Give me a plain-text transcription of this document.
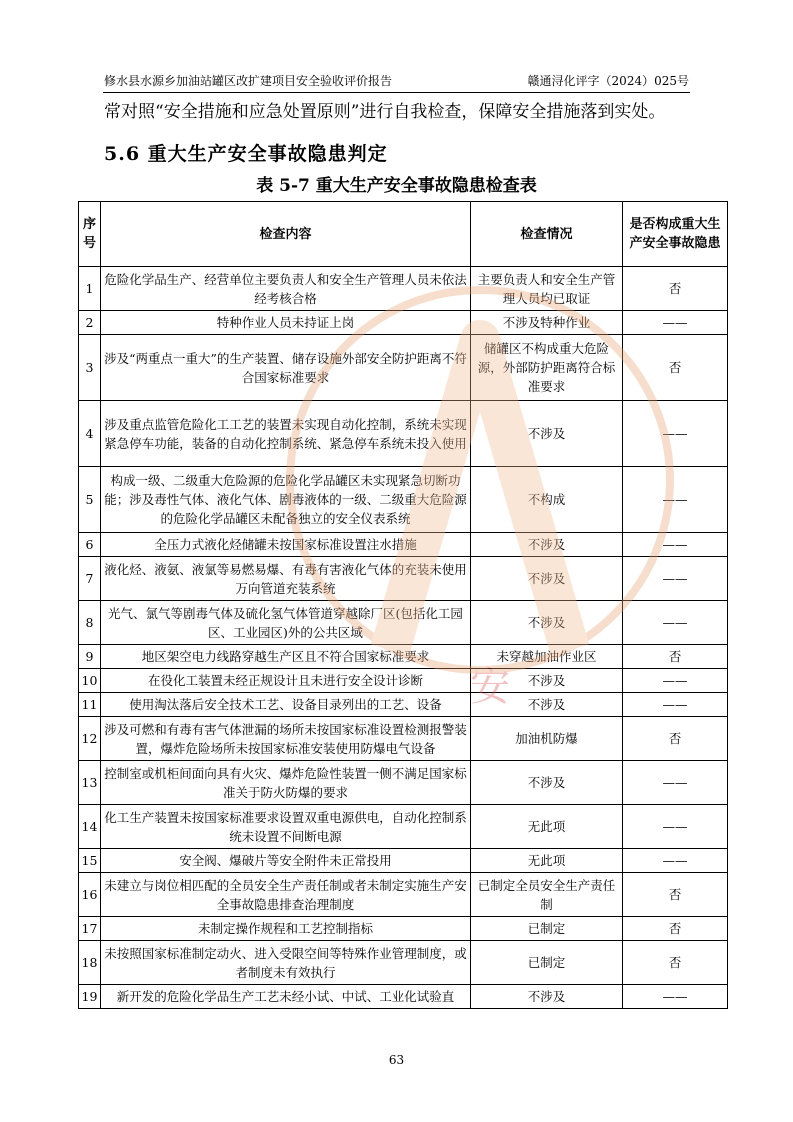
修水县水源乡加油站罐区改扩建项目安全验收评价报告	赣通浔化评字（2024）025号
常对照“安全措施和应急处置原则”进行自我检查，保障安全措施落到实处。
5.6 重大生产安全事故隐患判定
表 5-7 重大生产安全事故隐患检查表
序号	检查内容	检查情况	是否构成重大生产安全事故隐患
1	危险化学品生产、经营单位主要负责人和安全生产管理人员未依法经考核合格	主要负责人和安全生产管理人员均已取证	否
2	特种作业人员未持证上岗	不涉及特种作业	——
3	涉及“两重点一重大”的生产装置、储存设施外部安全防护距离不符合国家标准要求	储罐区不构成重大危险源，外部防护距离符合标准要求	否
4	涉及重点监管危险化工工艺的装置未实现自动化控制，系统未实现紧急停车功能，装备的自动化控制系统、紧急停车系统未投入使用	不涉及	——
5	构成一级、二级重大危险源的危险化学品罐区未实现紧急切断功能；涉及毒性气体、液化气体、剧毒液体的一级、二级重大危险源的危险化学品罐区未配备独立的安全仪表系统	不构成	——
6	全压力式液化烃储罐未按国家标准设置注水措施	不涉及	——
7	液化烃、液氨、液氯等易燃易爆、有毒有害液化气体的充装未使用万向管道充装系统	不涉及	——
8	光气、氯气等剧毒气体及硫化氢气体管道穿越除厂区(包括化工园区、工业园区)外的公共区域	不涉及	——
9	地区架空电力线路穿越生产区且不符合国家标准要求	未穿越加油作业区	否
10	在役化工装置未经正规设计且未进行安全设计诊断	不涉及	——
11	使用淘汰落后安全技术工艺、设备目录列出的工艺、设备	不涉及	——
12	涉及可燃和有毒有害气体泄漏的场所未按国家标准设置检测报警装置，爆炸危险场所未按国家标准安装使用防爆电气设备	加油机防爆	否
13	控制室或机柜间面向具有火灾、爆炸危险性装置一侧不满足国家标准关于防火防爆的要求	不涉及	——
14	化工生产装置未按国家标准要求设置双重电源供电，自动化控制系统未设置不间断电源	无此项	——
15	安全阀、爆破片等安全附件未正常投用	无此项	——
16	未建立与岗位相匹配的全员安全生产责任制或者未制定实施生产安全事故隐患排查治理制度	已制定全员安全生产责任制	否
17	未制定操作规程和工艺控制指标	已制定	否
18	未按照国家标准制定动火、进入受限空间等特殊作业管理制度，或者制度未有效执行	已制定	否
19	新开发的危险化学品生产工艺未经小试、中试、工业化试验直	不涉及	——
安
63
